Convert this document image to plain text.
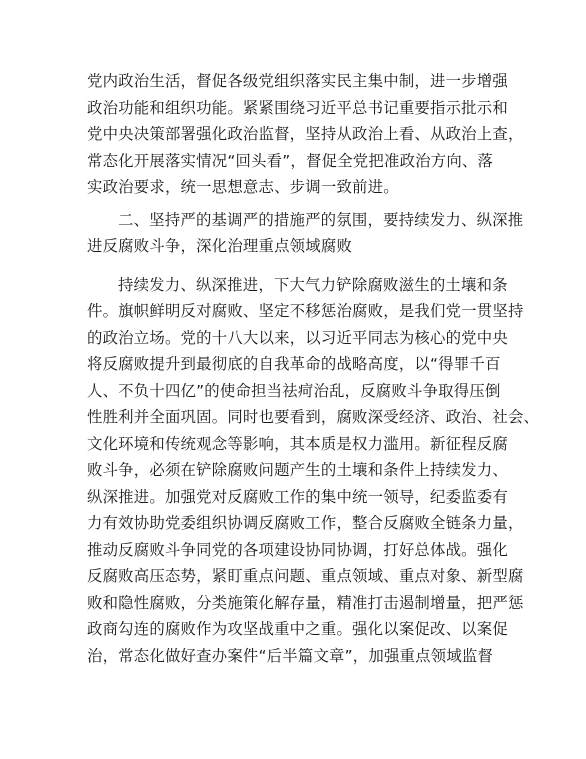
党内政治生活，督促各级党组织落实民主集中制，进一步增强
政治功能和组织功能。紧紧围绕习近平总书记重要指示批示和
党中央决策部署强化政治监督，坚持从政治上看、从政治上查，
常态化开展落实情况“回头看”，督促全党把准政治方向、落
实政治要求，统一思想意志、步调一致前进。

二、坚持严的基调严的措施严的氛围，要持续发力、纵深推
进反腐败斗争，深化治理重点领域腐败

持续发力、纵深推进，下大气力铲除腐败滋生的土壤和条
件。旗帜鲜明反对腐败、坚定不移惩治腐败，是我们党一贯坚持
的政治立场。党的十八大以来，以习近平同志为核心的党中央
将反腐败提升到最彻底的自我革命的战略高度，以“得罪千百
人、不负十四亿”的使命担当祛疴治乱，反腐败斗争取得压倒
性胜利并全面巩固。同时也要看到，腐败深受经济、政治、社会、
文化环境和传统观念等影响，其本质是权力滥用。新征程反腐
败斗争，必须在铲除腐败问题产生的土壤和条件上持续发力、
纵深推进。加强党对反腐败工作的集中统一领导，纪委监委有
力有效协助党委组织协调反腐败工作，整合反腐败全链条力量，
推动反腐败斗争同党的各项建设协同协调，打好总体战。强化
反腐败高压态势，紧盯重点问题、重点领域、重点对象、新型腐
败和隐性腐败，分类施策化解存量，精准打击遏制增量，把严惩
政商勾连的腐败作为攻坚战重中之重。强化以案促改、以案促
治，常态化做好查办案件“后半篇文章”，加强重点领域监督
